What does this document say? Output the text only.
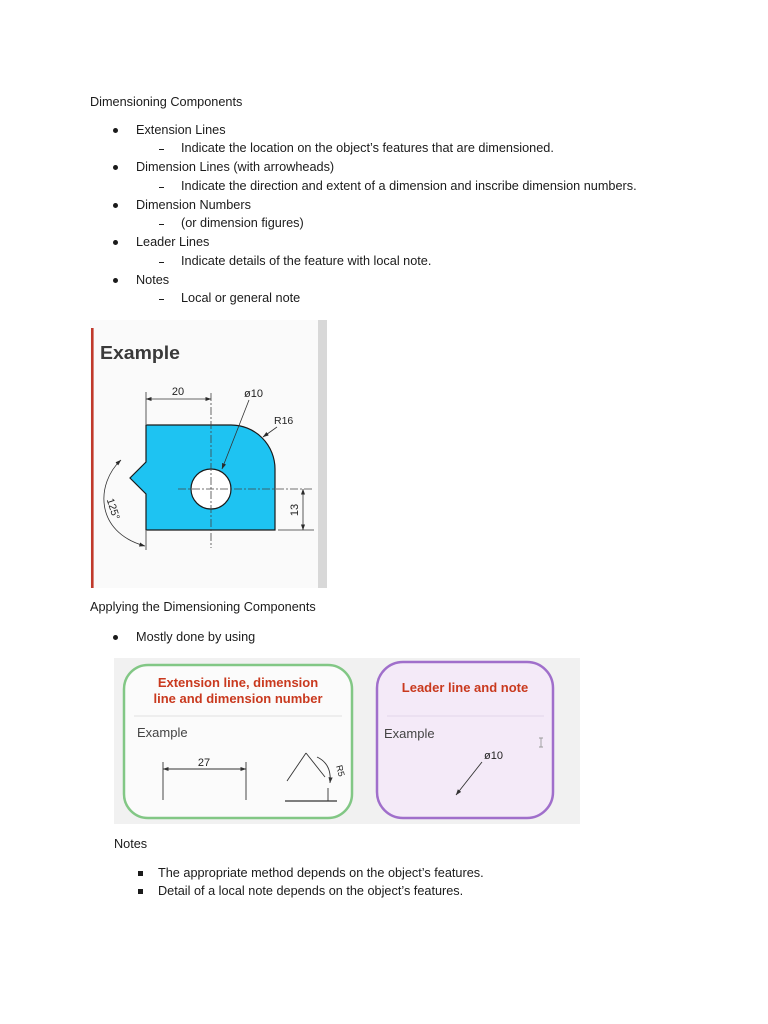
Dimensioning Components
Extension Lines
Indicate the location on the object’s features that are dimensioned.
Dimension Lines (with arrowheads)
Indicate the direction and extent of a dimension and inscribe dimension numbers.
Dimension Numbers
(or dimension figures)
Leader Lines
Indicate details of the feature with local note.
Notes
Local or general note
Example
20	ø10
R16
13
125°
Applying the Dimensioning Components
Mostly done by using
Extension line, dimension
line and dimension number
Example
27
R5
Leader line and note
Example
ø10
Notes
The appropriate method depends on the object’s features.
Detail of a local note depends on the object’s features.
